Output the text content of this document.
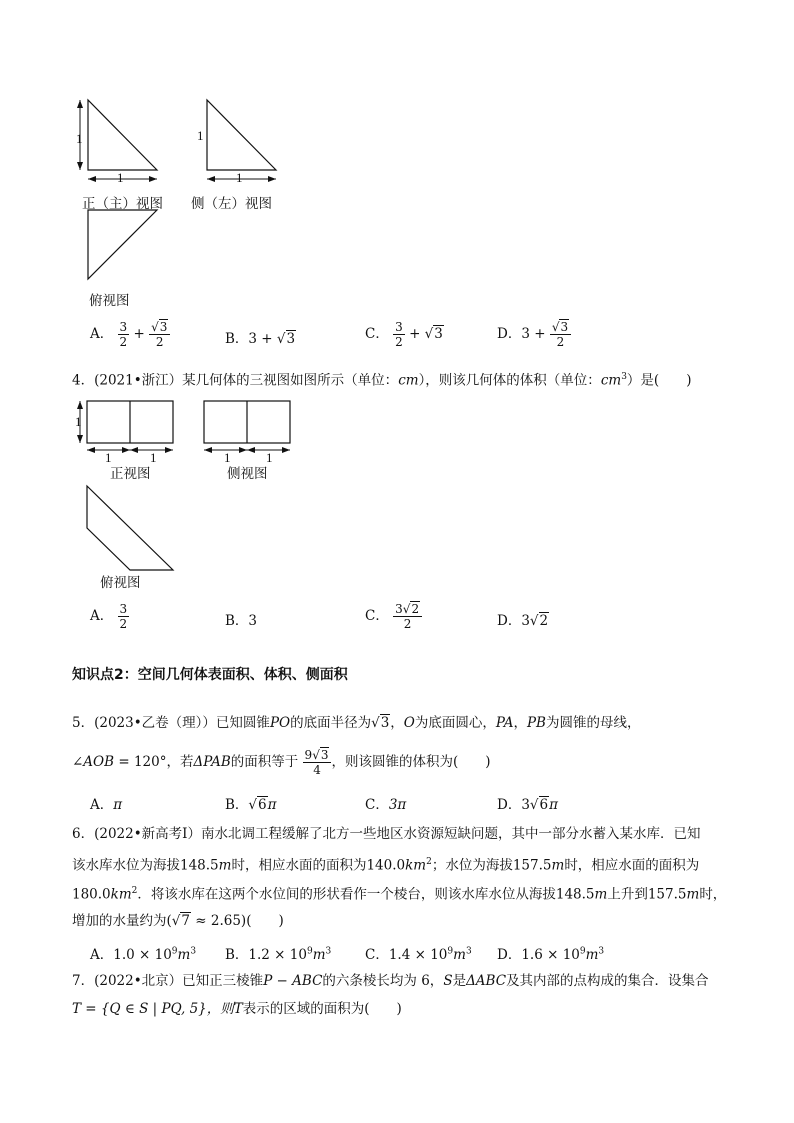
1
1
1
1
正（主）视图 侧（左）视图
俯视图
A． $\frac{3}{2} + \frac{√3}{2}$	B．3 + √3	C． $\frac{3}{2} + √3$	D．$3 + \frac{√3}{2}$
4．(2021•浙江）某几何体的三视图如图所示（单位：cm），则该几何体的体积（单位：$cm^3$）是(　　)
1
1	1	1	1
正视图	侧视图
俯视图
A． $\frac{3}{2}$	B．3	C． $\frac{3√2}{2}$	D．3√2
知识点2：空间几何体表面积、体积、侧面积
5．(2023•乙卷（理））已知圆锥PO的底面半径为√3，O为底面圆心，PA，PB为圆锥的母线，
∠AOB = 120°，若ΔPAB的面积等于 $\frac{9√3}{4}$ ，则该圆锥的体积为(　　)
A．π	B．√6π	C．3π	D．3√6π
6．(2022•新高考Ⅰ）南水北调工程缓解了北方一些地区水资源短缺问题，其中一部分水蓄入某水库．已知
该水库水位为海拔148.5m时，相应水面的面积为$140.0km^2$；水位为海拔157.5m时，相应水面的面积为
$180.0km^2$．将该水库在这两个水位间的形状看作一个棱台，则该水库水位从海拔148.5m上升到157.5m时，
增加的水量约为(√7 ≈ 2.65)(　　)
A．$1.0 \times 10^9m^3$ B．$1.2 \times 10^9m^3$	C．$1.4 \times 10^9m^3$ D．$1.6 \times 10^9m^3$
7．(2022•北京）已知正三棱锥P − ABC的六条棱长均为 6，S是ΔABC及其内部的点构成的集合．设集合
T = {Q ∈ S | PQ, 5}，则T表示的区域的面积为(　　)
